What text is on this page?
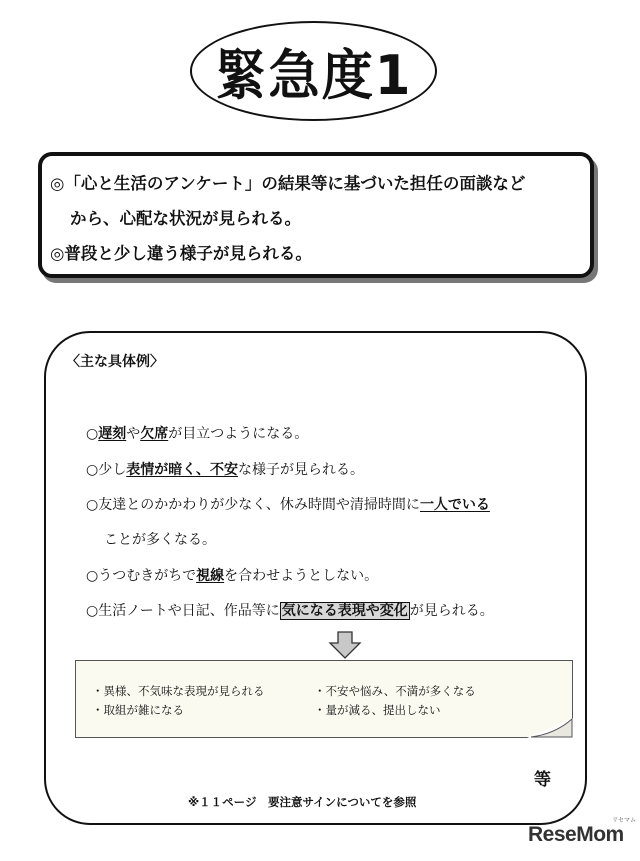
緊急度1
◎「心と生活のアンケート」の結果等に基づいた担任の面談など
から、心配な状況が見られる。
◎普段と少し違う様子が見られる。
〈主な具体例〉
○遅刻や欠席が目立つようになる。
○少し表情が暗く、不安な様子が見られる。
○友達とのかかわりが少なく、休み時間や清掃時間に一人でいる
ことが多くなる。
○うつむきがちで視線を合わせようとしない。
○生活ノートや日記、作品等に 気になる表現や変化 が見られる。
・異様、不気味な表現が見られる
・取組が雑になる
・不安や悩み、不満が多くなる
・量が減る、提出しない
等
※１１ページ　要注意サインについてを参照
ReseMom
リセマム
